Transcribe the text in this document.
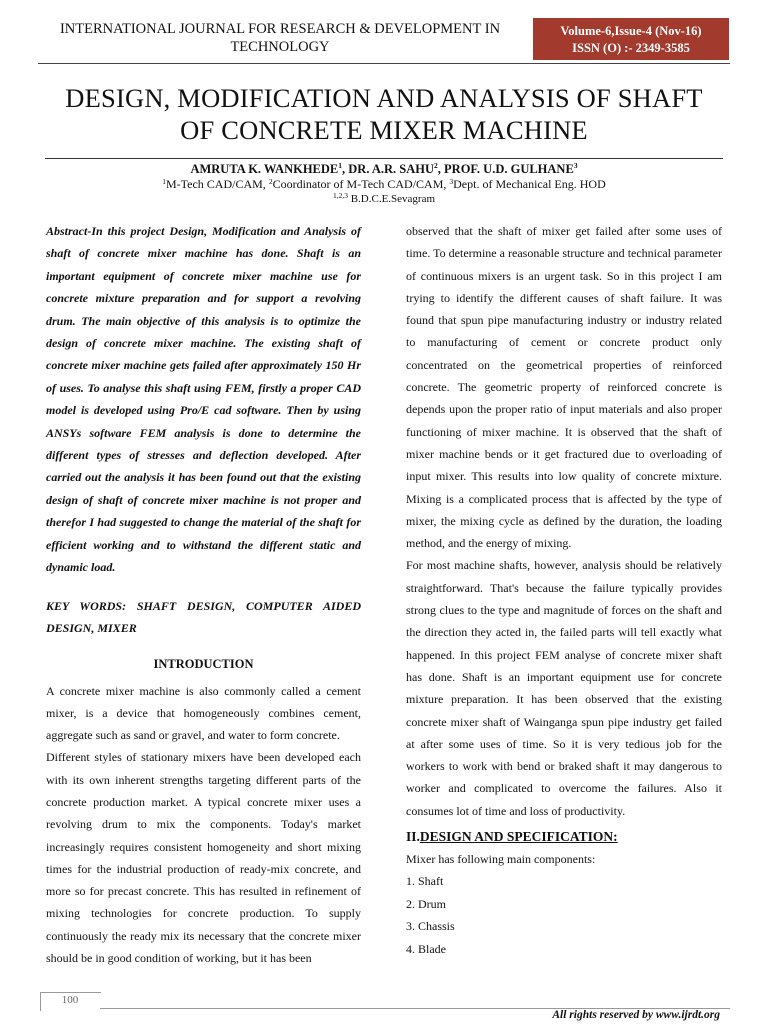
INTERNATIONAL JOURNAL FOR RESEARCH & DEVELOPMENT IN
TECHNOLOGY
Volume-6,Issue-4 (Nov-16)
ISSN (O) :- 2349-3585
DESIGN, MODIFICATION AND ANALYSIS OF SHAFT
OF CONCRETE MIXER MACHINE
AMRUTA K. WANKHEDE$^1$, DR. A.R. SAHU$^2$, PROF. U.D. GULHANE$^3$
$^1$M-Tech CAD/CAM, $^2$Coordinator of M-Tech CAD/CAM, $^3$Dept. of Mechanical Eng. HOD
$^{1,2,3}$ B.D.C.E.Sevagram

Abstract-In this project Design, Modification and Analysis of shaft of concrete mixer machine has done. Shaft is an important equipment of concrete mixer machine use for concrete mixture preparation and for support a revolving drum. The main objective of this analysis is to optimize the design of concrete mixer machine. The existing shaft of concrete mixer machine gets failed after approximately 150 Hr of uses. To analyse this shaft using FEM, firstly a proper CAD model is developed using Pro/E cad software. Then by using ANSYs software FEM analysis is done to determine the different types of stresses and deflection developed. After carried out the analysis it has been found out that the existing design of shaft of concrete mixer machine is not proper and therefor I had suggested to change the material of the shaft for efficient working and to withstand the different static and dynamic load.

KEY WORDS: SHAFT DESIGN, COMPUTER AIDED DESIGN, MIXER

INTRODUCTION

A concrete mixer machine is also commonly called a cement mixer, is a device that homogeneously combines cement, aggregate such as sand or gravel, and water to form concrete.

Different styles of stationary mixers have been developed each with its own inherent strengths targeting different parts of the concrete production market. A typical concrete mixer uses a revolving drum to mix the components. Today's market increasingly requires consistent homogeneity and short mixing times for the industrial production of ready-mix concrete, and more so for precast concrete. This has resulted in refinement of mixing technologies for concrete production. To supply continuously the ready mix its necessary that the concrete mixer should be in good condition of working, but it has been

observed that the shaft of mixer get failed after some uses of time. To determine a reasonable structure and technical parameter of continuous mixers is an urgent task. So in this project I am trying to identify the different causes of shaft failure. It was found that spun pipe manufacturing industry or industry related to manufacturing of cement or concrete product only concentrated on the geometrical properties of reinforced concrete. The geometric property of reinforced concrete is depends upon the proper ratio of input materials and also proper functioning of mixer machine. It is observed that the shaft of mixer machine bends or it get fractured due to overloading of input mixer. This results into low quality of concrete mixture. Mixing is a complicated process that is affected by the type of mixer, the mixing cycle as defined by the duration, the loading method, and the energy of mixing.

For most machine shafts, however, analysis should be relatively straightforward. That's because the failure typically provides strong clues to the type and magnitude of forces on the shaft and the direction they acted in, the failed parts will tell exactly what happened. In this project FEM analyse of concrete mixer shaft has done. Shaft is an important equipment use for concrete mixture preparation. It has been observed that the existing concrete mixer shaft of Wainganga spun pipe industry get failed at after some uses of time. So it is very tedious job for the workers to work with bend or braked shaft it may dangerous to worker and complicated to overcome the failures. Also it consumes lot of time and loss of productivity.

II.DESIGN AND SPECIFICATION:

Mixer has following main components:

1. Shaft
2. Drum
3. Chassis
4. Blade
100
All rights reserved by www.ijrdt.org
